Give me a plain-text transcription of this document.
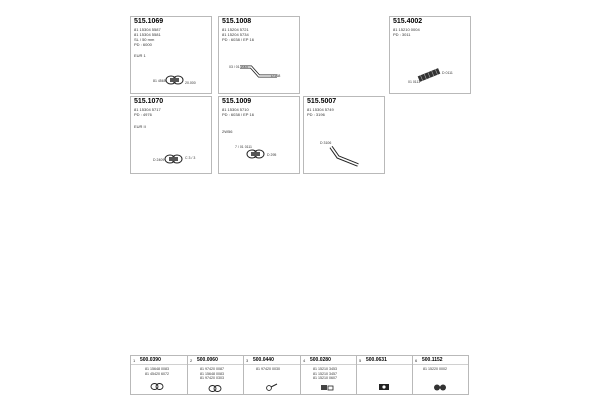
515.1069
81 15304 5587
81 15304 5581
SL / 50 mm
PD : 6000
EUR 1
81 4565	20.000
515.1008
81 15204 5721
81 15204 5734
PD : 6038 / EP 16
03 / 01 2007
D 268
515.4002
81 15210 0004
PD : 3011
01 0111
D 0111
515.1070
81 15304 5717
PD : 4976
EUR II
D 2409	C 3 / 3
515.1009
81 15304 5710
PD : 6038 / EP 16
2W56
7 / 01 0111
D 295
515.5007
81 15304 5749
PD : 3196
D 3106
1 500.0390
81 15648 0083
81 45420 6072
2 500.0060
81 97420 0087
81 15648 0083
81 97420 0303
3 500.0440
81 97420 0030
4 500.0280
81 15210 3453
81 15210 3457
81 15210 0607
5 500.0631	6 500.1152
81 15220 0002
